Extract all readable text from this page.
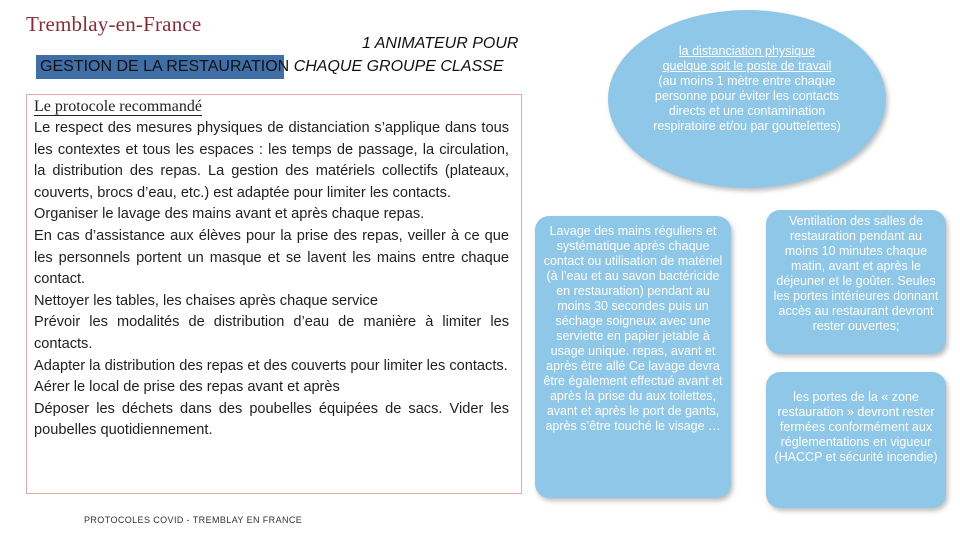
Tremblay-en-France
1 ANIMATEUR POUR
GESTION DE LA RESTAURATION CHAQUE GROUPE CLASSE
Le protocole recommandé

Le respect des mesures physiques de distanciation s’applique dans tous les contextes et tous les espaces : les temps de passage, la circulation, la distribution des repas. La gestion des matériels collectifs (plateaux, couverts, brocs d’eau, etc.) est adaptée pour limiter les contacts.

Organiser le lavage des mains avant et après chaque repas.

En cas d’assistance aux élèves pour la prise des repas, veiller à ce que les personnels portent un masque et se lavent les mains entre chaque contact.

Nettoyer les tables, les chaises après chaque service

Prévoir les modalités de distribution d’eau de manière à limiter les contacts.

Adapter la distribution des repas et des couverts pour limiter les contacts.

Aérer le local de prise des repas avant et après

Déposer les déchets dans des poubelles équipées de sacs. Vider les poubelles quotidiennement.

PROTOCOLES COVID - TREMBLAY EN FRANCE
la distanciation physique
quelque soit le poste de travail
(au moins 1 mètre entre chaque personne pour éviter les contacts directs et une contamination respiratoire et/ou par gouttelettes)
Lavage des mains réguliers et systématique après chaque contact ou utilisation de matériel (à l’eau et au savon bactéricide en restauration) pendant au moins 30 secondes puis un séchage soigneux avec une serviette en papier jetable à usage unique. repas, avant et après être allé Ce lavage devra être également effectué avant et après la prise du aux toilettes, avant et après le port de gants, après s’être touché le visage …
Ventilation des salles de restauration pendant au moins 10 minutes chaque matin, avant et après le déjeuner et le goûter. Seules les portes intérieures donnant accès au restaurant devront rester ouvertes;
les portes de la « zone restauration » devront rester fermées conformément aux réglementations en vigueur (HACCP et sécurité incendie)
